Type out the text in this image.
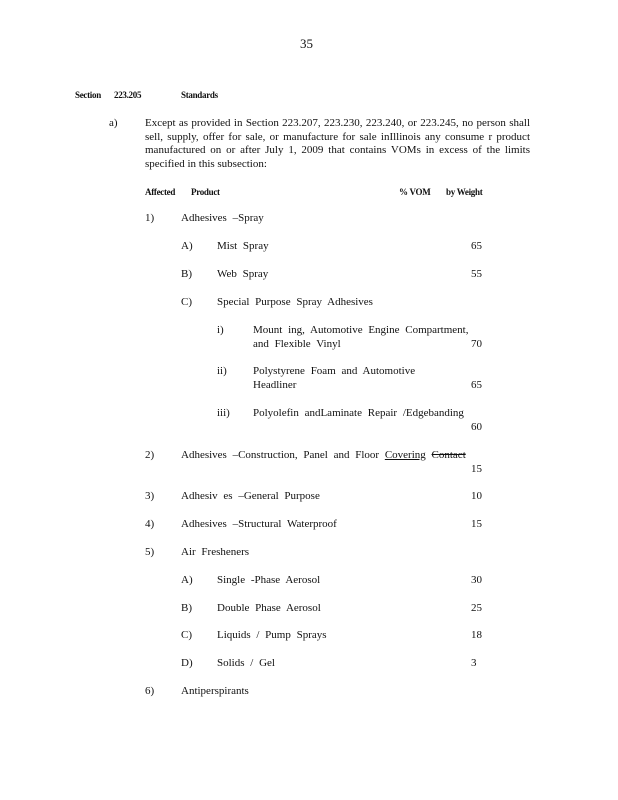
35
Section 223.205	Standards
a) Except as provided in Section 223.207, 223.230, 223.240, or 223.245, no person shall sell, supply, offer for sale, or manufacture for sale inIllinois any consume r product manufactured on or after July 1, 2009 that contains VOMs in excess of the limits specified in this subsection:
Affected Product	% VOM by Weight
1) Adhesives –Spray
A) Mist Spray	65
B) Web Spray	55
C) Special Purpose Spray Adhesives
i)	Mount ing, Automotive Engine Compartment,
and Flexible Vinyl	70
ii) Polystyrene Foam and Automotive
Headliner	65
iii) Polyolefin andLaminate Repair /Edgebanding
60
2) Adhesives –Construction, Panel and Floor Covering Contact
15
3) Adhesiv es –General Purpose	10
4) Adhesives –Structural Waterproof	15
5) Air Fresheners
A) Single -Phase Aerosol	30
B) Double Phase Aerosol	25
C) Liquids / Pump Sprays	18
D) Solids / Gel	3
6) Antiperspirants
